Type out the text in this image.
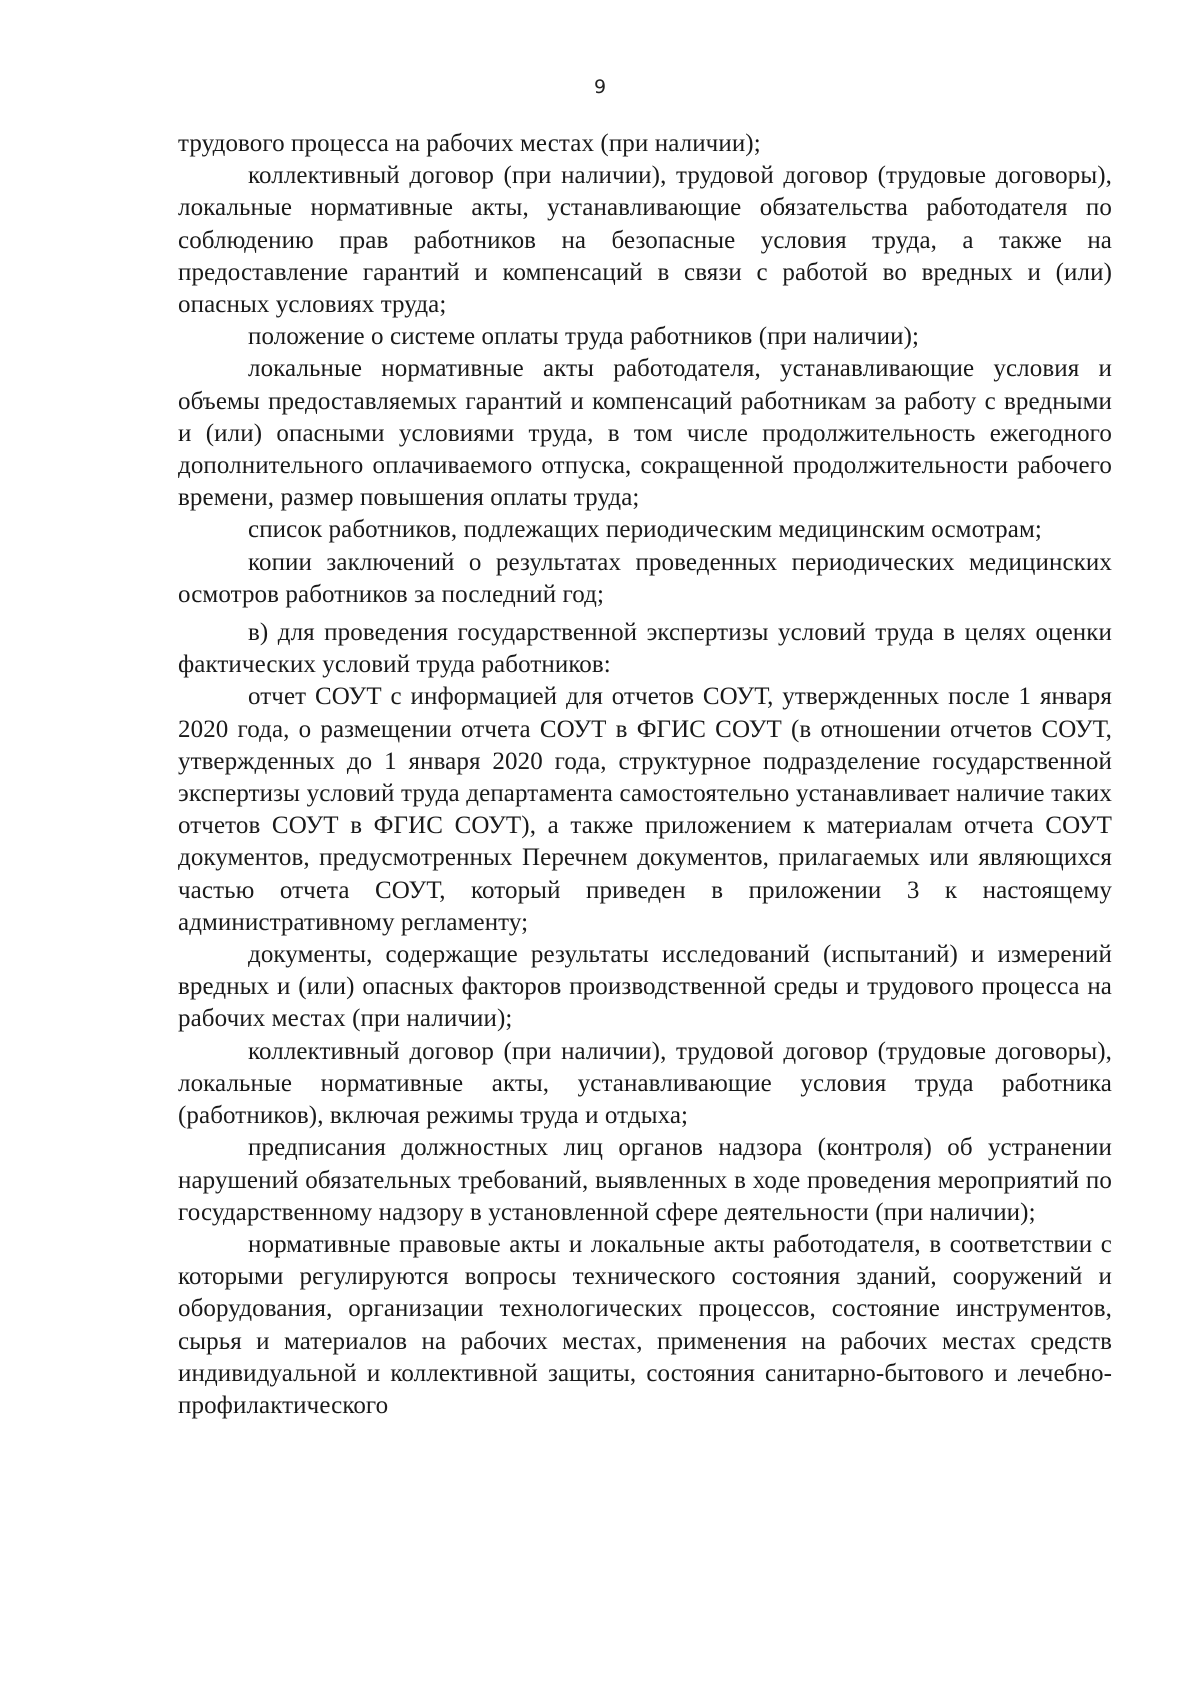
9

трудового процесса на рабочих местах (при наличии);

коллективный договор (при наличии), трудовой договор (трудовые договоры), локальные нормативные акты, устанавливающие обязательства работодателя по соблюдению прав работников на безопасные условия труда, а также на предоставление гарантий и компенсаций в связи с работой во вредных и (или) опасных условиях труда;

положение о системе оплаты труда работников (при наличии);

локальные нормативные акты работодателя, устанавливающие условия и объемы предоставляемых гарантий и компенсаций работникам за работу с вредными и (или) опасными условиями труда, в том числе продолжительность ежегодного дополнительного оплачиваемого отпуска, сокращенной продолжительности рабочего времени, размер повышения оплаты труда;

список работников, подлежащих периодическим медицинским осмотрам;

копии заключений о результатах проведенных периодических медицинских осмотров работников за последний год;

в) для проведения государственной экспертизы условий труда в целях оценки фактических условий труда работников:

отчет СОУТ с информацией для отчетов СОУТ, утвержденных после 1 января 2020 года, о размещении отчета СОУТ в ФГИС СОУТ (в отношении отчетов СОУТ, утвержденных до 1 января 2020 года, структурное подразделение государственной экспертизы условий труда департамента самостоятельно устанавливает наличие таких отчетов СОУТ в ФГИС СОУТ), а также приложением к материалам отчета СОУТ документов, предусмотренных Перечнем документов, прилагаемых или являющихся частью отчета СОУТ, который приведен в приложении 3 к настоящему административному регламенту;

документы, содержащие результаты исследований (испытаний) и измерений вредных и (или) опасных факторов производственной среды и трудового процесса на рабочих местах (при наличии);

коллективный договор (при наличии), трудовой договор (трудовые договоры), локальные нормативные акты, устанавливающие условия труда работника (работников), включая режимы труда и отдыха;

предписания должностных лиц органов надзора (контроля) об устранении нарушений обязательных требований, выявленных в ходе проведения мероприятий по государственному надзору в установленной сфере деятельности (при наличии);

нормативные правовые акты и локальные акты работодателя, в соответствии с которыми регулируются вопросы технического состояния зданий, сооружений и оборудования, организации технологических процессов, состояние инструментов, сырья и материалов на рабочих местах, применения на рабочих местах средств индивидуальной и коллективной защиты, состояния санитарно-бытового и лечебно-профилактического
